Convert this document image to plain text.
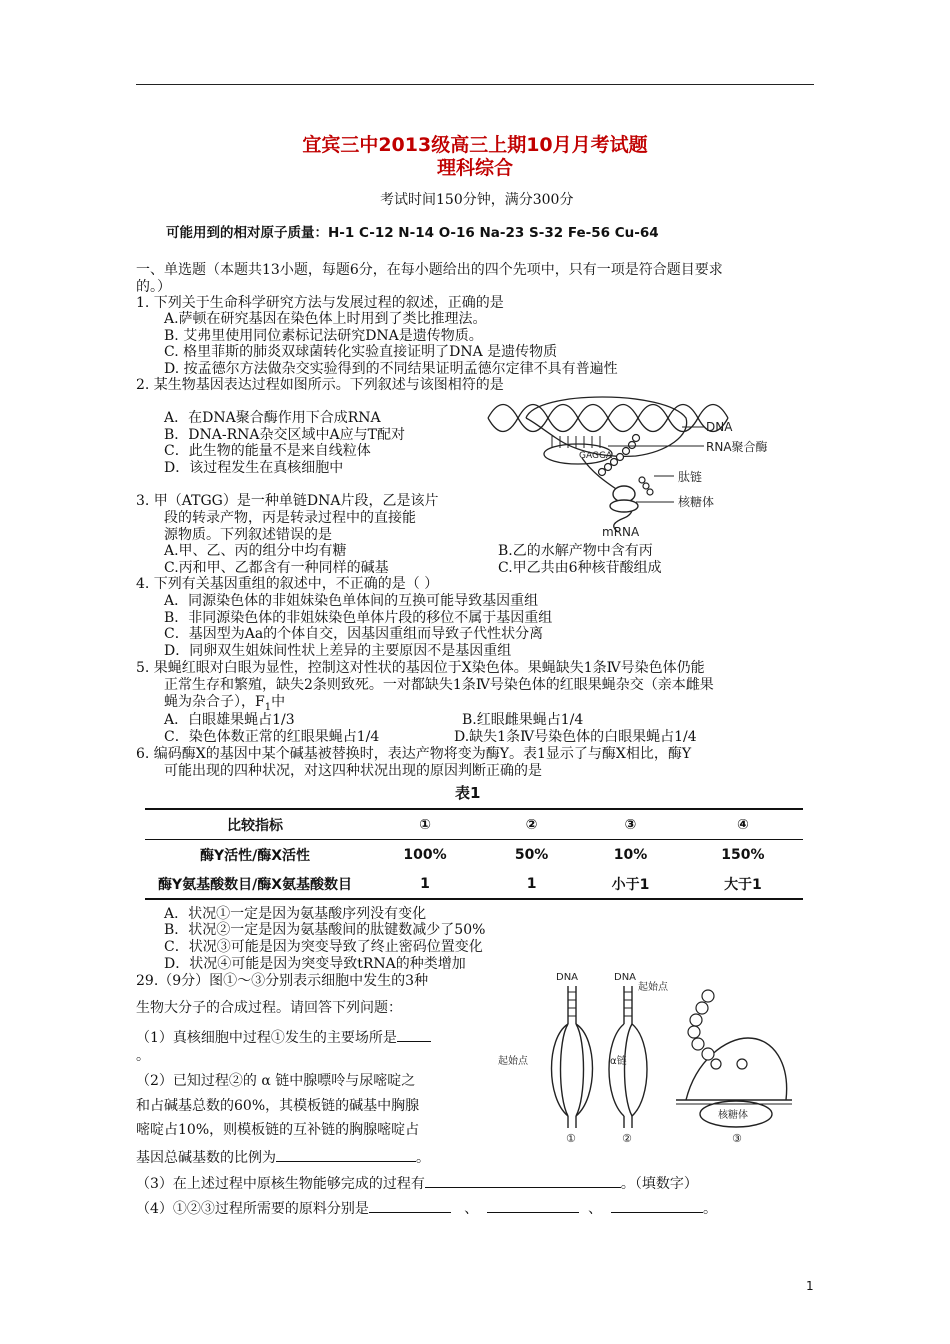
宜宾三中2013级高三上期10月月考试题
理科综合
考试时间150分钟，满分300分
可能用到的相对原子质量：H-1 C-12 N-14 O-16 Na-23 S-32 Fe-56 Cu-64
一、单选题（本题共13小题，每题6分，在每小题给出的四个先项中，只有一项是符合题目要求
的。）
1. 下列关于生命科学研究方法与发展过程的叙述，正确的是
A.萨顿在研究基因在染色体上时用到了类比推理法。
B. 艾弗里使用同位素标记法研究DNA是遗传物质。
C. 格里菲斯的肺炎双球菌转化实验直接证明了DNA 是遗传物质
D. 按孟德尔方法做杂交实验得到的不同结果证明孟德尔定律不具有普遍性
2. 某生物基因表达过程如图所示。下列叙述与该图相符的是
A．在DNA聚合酶作用下合成RNA
B．DNA-RNA杂交区域中A应与T配对
C．此生物的能量不是来自线粒体
D．该过程发生在真核细胞中
GAGGA
DNA
RNA聚合酶
肽链
核糖体
mRNA
3. 甲（ATGG）是一种单链DNA片段，乙是该片
段的转录产物，丙是转录过程中的直接能
源物质。下列叙述错误的是
A.甲、乙、丙的组分中均有糖	B.乙的水解产物中含有丙
C.丙和甲、乙都含有一种同样的碱基	C.甲乙共由6种核苷酸组成
4. 下列有关基因重组的叙述中，不正确的是（ ）
A．同源染色体的非姐妹染色单体间的互换可能导致基因重组
B．非同源染色体的非姐妹染色单体片段的移位不属于基因重组
C．基因型为Aa的个体自交，因基因重组而导致子代性状分离
D．同卵双生姐妹间性状上差异的主要原因不是基因重组
5. 果蝇红眼对白眼为显性，控制这对性状的基因位于X染色体。果蝇缺失1条Ⅳ号染色体仍能
正常生存和繁殖，缺失2条则致死。一对都缺失1条Ⅳ号染色体的红眼果蝇杂交（亲本雌果
蝇为杂合子），$F_1$中
A．白眼雄果蝇占1/3	B.红眼雌果蝇占1/4
C．染色体数正常的红眼果蝇占1/4	D.缺失1条Ⅳ号染色体的白眼果蝇占1/4
6. 编码酶X的基因中某个碱基被替换时，表达产物将变为酶Y。表1显示了与酶X相比，酶Y
可能出现的四种状况，对这四种状况出现的原因判断正确的是
表1
比较指标	①	②	③	④
酶Y活性/酶X活性	100%	50%	10%	150%
酶Y氨基酸数目/酶X氨基酸数目	1	1	小于1	大于1
A．状况①一定是因为氨基酸序列没有变化
B．状况②一定是因为氨基酸间的肽键数减少了50%
C．状况③可能是因为突变导致了终止密码位置变化
D．状况④可能是因为突变导致tRNA的种类增加
29.（9分）图①～③分别表示细胞中发生的3种
生物大分子的合成过程。请回答下列问题：
（1）真核细胞中过程①发生的主要场所是
。
（2）已知过程②的 α 链中腺嘌呤与尿嘧啶之
和占碱基总数的60%，其模板链的碱基中胸腺
嘧啶占10%，则模板链的互补链的胸腺嘧啶占
基因总碱基数的比例为	。
（3）在上述过程中原核生物能够完成的过程有	。（填数字）
（4）①②③过程所需要的原料分别是	、	、	。
DNA	DNA
起始点
起始点	α链
核糖体
①	②	③
1
